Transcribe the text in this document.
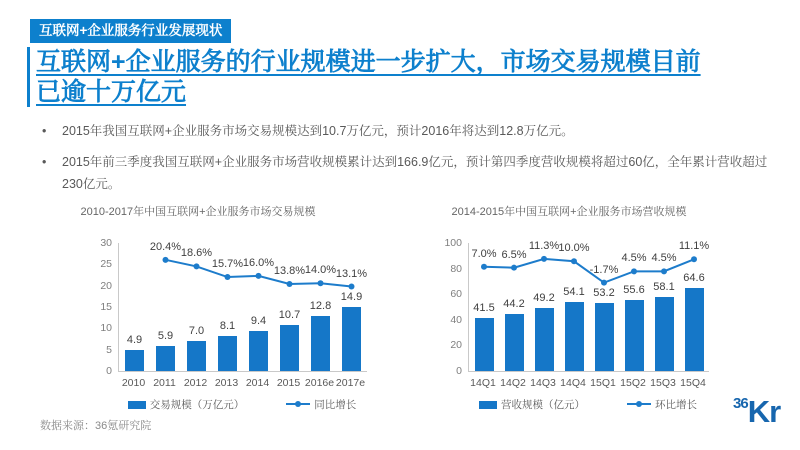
互联网+企业服务行业发展现状
互联网+企业服务的行业规模进一步扩大，市场交易规模目前
已逾十万亿元
• 2015年我国互联网+企业服务市场交易规模达到10.7万亿元，预计2016年将达到12.8万亿元。
• 2015年前三季度我国互联网+企业服务市场营收规模累计达到166.9亿元，预计第四季度营收规模将超过60亿，全年累计营收超过230亿元。
2010-2017年中国互联网+企业服务市场交易规模
30
25
20
15
10
5
0
4.9	5.9	7.0	8.1	9.4	10.7
12.8
14.9
20.4%
18.6%
15.7% 16.0%
13.8% 14.0% 13.1%
2010 2011 2012 2013 2014 2015 2016e 2017e
交易规模（万亿元）	同比增长
2014-2015年中国互联网+企业服务市场营收规模
100
80
60
40
20
0
41.5 44.2
49.2
54.1 53.2 55.6 58.1
64.6
7.0% 6.5%
11.3% 10.0%
-1.7%
4.5% 4.5%
11.1%
14Q1 14Q2 14Q3 14Q4 15Q1 15Q2 15Q3 15Q4
营收规模（亿元）	环比增长
数据来源：36氪研究院
36Kr
